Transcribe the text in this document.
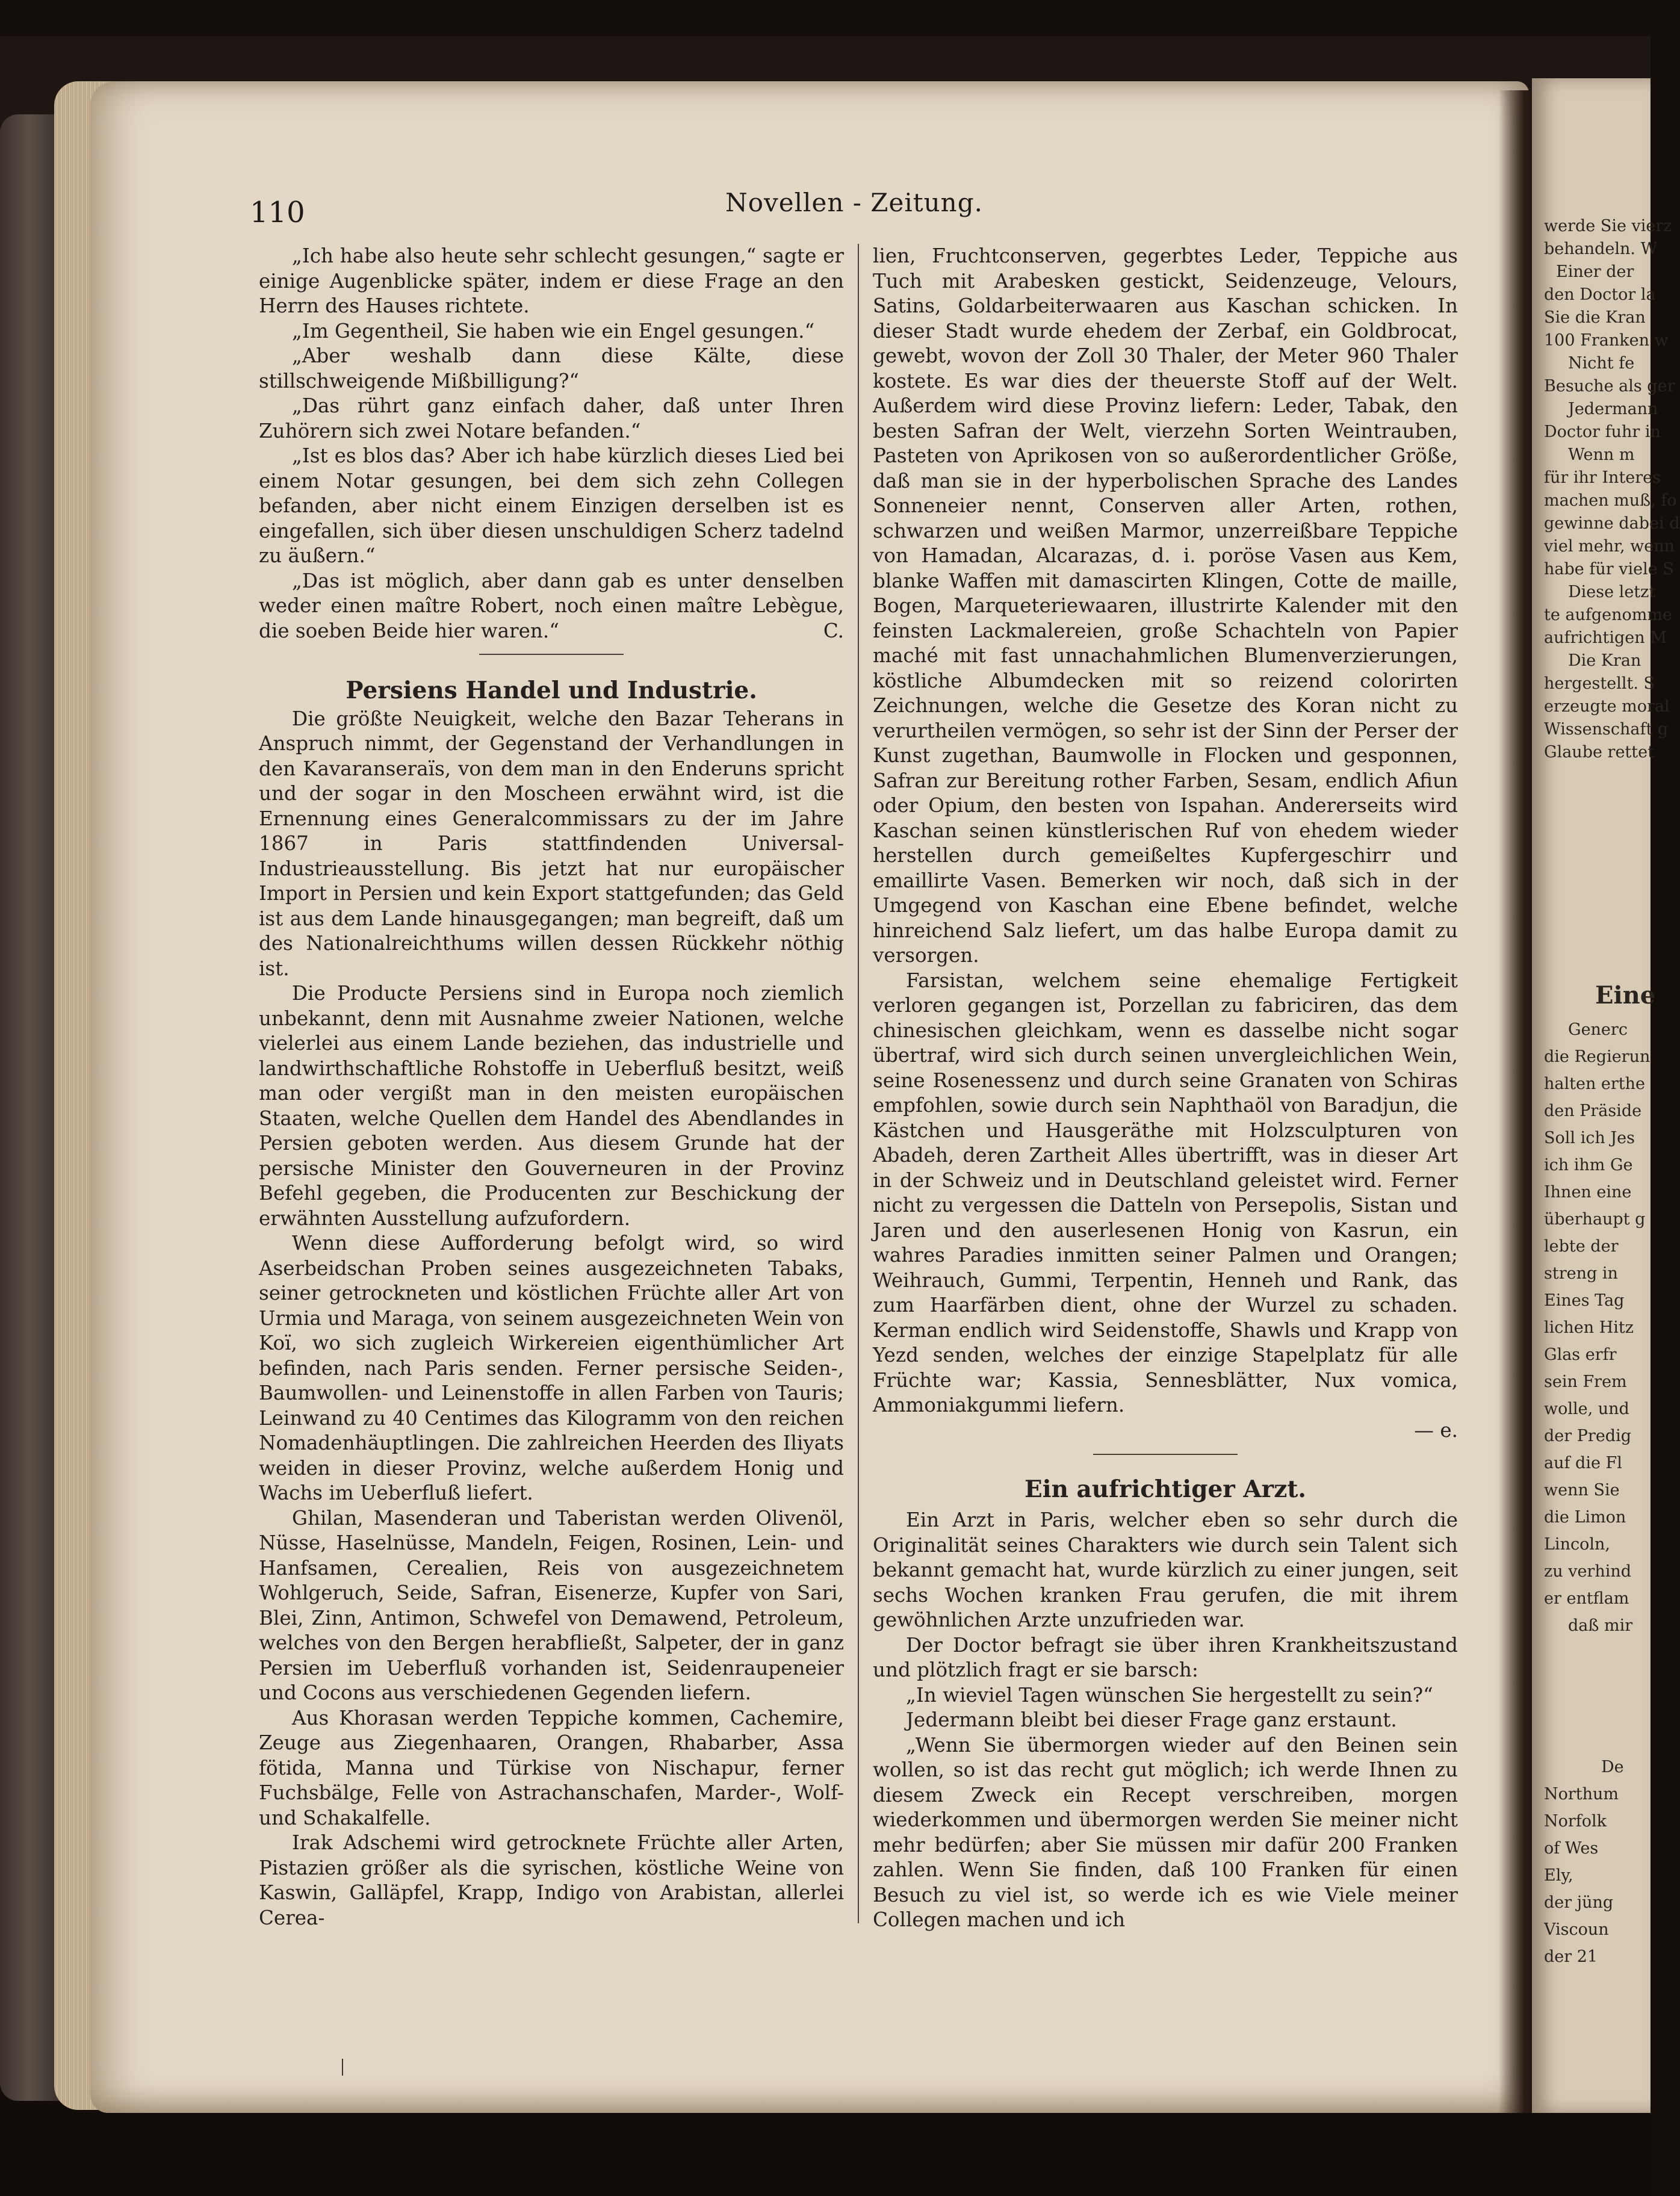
110	Novellen - Zeitung.

„Ich habe also heute sehr schlecht gesungen,“ sagte er einige Augenblicke später, indem er diese Frage an den Herrn des Hauses richtete.

„Im Gegentheil, Sie haben wie ein Engel gesungen.“

„Aber weshalb dann diese Kälte, diese stillschweigende Mißbilligung?“

„Das rührt ganz einfach daher, daß unter Ihren Zuhörern sich zwei Notare befanden.“

„Ist es blos das? Aber ich habe kürzlich dieses Lied bei einem Notar gesungen, bei dem sich zehn Collegen befanden, aber nicht einem Einzigen derselben ist es eingefallen, sich über diesen unschuldigen Scherz tadelnd zu äußern.“

„Das ist möglich, aber dann gab es unter denselben weder einen maître Robert, noch einen maître Lebègue, die soeben Beide hier waren.“	C.

Persiens Handel und Industrie.

Die größte Neuigkeit, welche den Bazar Teherans in Anspruch nimmt, der Gegenstand der Verhandlungen in den Kavaranseraïs, von dem man in den Enderuns spricht und der sogar in den Moscheen erwähnt wird, ist die Ernennung eines Generalcommissars zu der im Jahre 1867 in Paris stattfindenden Universal-Industrieausstellung. Bis jetzt hat nur europäischer Import in Persien und kein Export stattgefunden; das Geld ist aus dem Lande hinausgegangen; man begreift, daß um des Nationalreichthums willen dessen Rückkehr nöthig ist.

Die Producte Persiens sind in Europa noch ziemlich unbekannt, denn mit Ausnahme zweier Nationen, welche vielerlei aus einem Lande beziehen, das industrielle und landwirthschaftliche Rohstoffe in Ueberfluß besitzt, weiß man oder vergißt man in den meisten europäischen Staaten, welche Quellen dem Handel des Abendlandes in Persien geboten werden. Aus diesem Grunde hat der persische Minister den Gouverneuren in der Provinz Befehl gegeben, die Producenten zur Beschickung der erwähnten Ausstellung aufzufordern.

Wenn diese Aufforderung befolgt wird, so wird Aserbeidschan Proben seines ausgezeichneten Tabaks, seiner getrockneten und köstlichen Früchte aller Art von Urmia und Maraga, von seinem ausgezeichneten Wein von Koï, wo sich zugleich Wirkereien eigenthümlicher Art befinden, nach Paris senden. Ferner persische Seiden-, Baumwollen- und Leinenstoffe in allen Farben von Tauris; Leinwand zu 40 Centimes das Kilogramm von den reichen Nomadenhäuptlingen. Die zahlreichen Heerden des Iliyats weiden in dieser Provinz, welche außerdem Honig und Wachs im Ueberfluß liefert.

Ghilan, Masenderan und Taberistan werden Olivenöl, Nüsse, Haselnüsse, Mandeln, Feigen, Rosinen, Lein- und Hanfsamen, Cerealien, Reis von ausgezeichnetem Wohlgeruch, Seide, Safran, Eisenerze, Kupfer von Sari, Blei, Zinn, Antimon, Schwefel von Demawend, Petroleum, welches von den Bergen herabfließt, Salpeter, der in ganz Persien im Ueberfluß vorhanden ist, Seidenraupeneier und Cocons aus verschiedenen Gegenden liefern.

Aus Khorasan werden Teppiche kommen, Cachemire, Zeuge aus Ziegenhaaren, Orangen, Rhabarber, Assa fötida, Manna und Türkise von Nischapur, ferner Fuchsbälge, Felle von Astrachanschafen, Marder-, Wolf- und Schakalfelle.

Irak Adschemi wird getrocknete Früchte aller Arten, Pistazien größer als die syrischen, köstliche Weine von Kaswin, Galläpfel, Krapp, Indigo von Arabistan, allerlei Cerea-

lien, Fruchtconserven, gegerbtes Leder, Teppiche aus Tuch mit Arabesken gestickt, Seidenzeuge, Velours, Satins, Goldarbeiterwaaren aus Kaschan schicken. In dieser Stadt wurde ehedem der Zerbaf, ein Goldbrocat, gewebt, wovon der Zoll 30 Thaler, der Meter 960 Thaler kostete. Es war dies der theuerste Stoff auf der Welt. Außerdem wird diese Provinz liefern: Leder, Tabak, den besten Safran der Welt, vierzehn Sorten Weintrauben, Pasteten von Aprikosen von so außerordentlicher Größe, daß man sie in der hyperbolischen Sprache des Landes Sonneneier nennt, Conserven aller Arten, rothen, schwarzen und weißen Marmor, unzerreißbare Teppiche von Hamadan, Alcarazas, d. i. poröse Vasen aus Kem, blanke Waffen mit damascirten Klingen, Cotte de maille, Bogen, Marqueteriewaaren, illustrirte Kalender mit den feinsten Lackmalereien, große Schachteln von Papier maché mit fast unnachahmlichen Blumenverzierungen, köstliche Albumdecken mit so reizend colorirten Zeichnungen, welche die Gesetze des Koran nicht zu verurtheilen vermögen, so sehr ist der Sinn der Perser der Kunst zugethan, Baumwolle in Flocken und gesponnen, Safran zur Bereitung rother Farben, Sesam, endlich Afiun oder Opium, den besten von Ispahan. Andererseits wird Kaschan seinen künstlerischen Ruf von ehedem wieder herstellen durch gemeißeltes Kupfergeschirr und emaillirte Vasen. Bemerken wir noch, daß sich in der Umgegend von Kaschan eine Ebene befindet, welche hinreichend Salz liefert, um das halbe Europa damit zu versorgen.

Farsistan, welchem seine ehemalige Fertigkeit verloren gegangen ist, Porzellan zu fabriciren, das dem chinesischen gleichkam, wenn es dasselbe nicht sogar übertraf, wird sich durch seinen unvergleichlichen Wein, seine Rosenessenz und durch seine Granaten von Schiras empfohlen, sowie durch sein Naphthaöl von Baradjun, die Kästchen und Hausgeräthe mit Holzsculpturen von Abadeh, deren Zartheit Alles übertrifft, was in dieser Art in der Schweiz und in Deutschland geleistet wird. Ferner nicht zu vergessen die Datteln von Persepolis, Sistan und Jaren und den auserlesenen Honig von Kasrun, ein wahres Paradies inmitten seiner Palmen und Orangen; Weihrauch, Gummi, Terpentin, Henneh und Rank, das zum Haarfärben dient, ohne der Wurzel zu schaden. Kerman endlich wird Seidenstoffe, Shawls und Krapp von Yezd senden, welches der einzige Stapelplatz für alle Früchte war; Kassia, Sennesblätter, Nux vomica, Ammoniakgummi liefern.

— e.

Ein aufrichtiger Arzt.

Ein Arzt in Paris, welcher eben so sehr durch die Originalität seines Charakters wie durch sein Talent sich bekannt gemacht hat, wurde kürzlich zu einer jungen, seit sechs Wochen kranken Frau gerufen, die mit ihrem gewöhnlichen Arzte unzufrieden war.

Der Doctor befragt sie über ihren Krankheitszustand und plötzlich fragt er sie barsch:

„In wieviel Tagen wünschen Sie hergestellt zu sein?“

Jedermann bleibt bei dieser Frage ganz erstaunt.

„Wenn Sie übermorgen wieder auf den Beinen sein wollen, so ist das recht gut möglich; ich werde Ihnen zu diesem Zweck ein Recept verschreiben, morgen wiederkommen und übermorgen werden Sie meiner nicht mehr bedürfen; aber Sie müssen mir dafür 200 Franken zahlen. Wenn Sie finden, daß 100 Franken für einen Besuch zu viel ist, so werde ich es wie Viele meiner Collegen machen und ich

werde Sie vierz
behandeln. W
Einer der
den Doctor la
Sie die Kran
100 Franken w
Nicht fe
Besuche als ger
Jedermann
Doctor fuhr in
Wenn m
für ihr Interes
machen muß, fo
gewinne dabei d
viel mehr, wenn
habe für viele S
Diese letzt
te aufgenomme
aufrichtigen M
Die Kran
hergestellt. S
erzeugte moral
Wissenschaft g
Glaube rettet
Eine
Generc
die Regierun
halten erthe
den Präside
Soll ich Jes
ich ihm Ge
Ihnen eine
überhaupt g
lebte der
streng in
Eines Tag
lichen Hitz
Glas erfr
sein Frem
wolle, und
der Predig
auf die Fl
wenn Sie
die Limon
Lincoln,
zu verhind
er entflam
daß mir
De
Northum
Norfolk
of Wes
Ely,
der jüng
Viscoun
der 21
